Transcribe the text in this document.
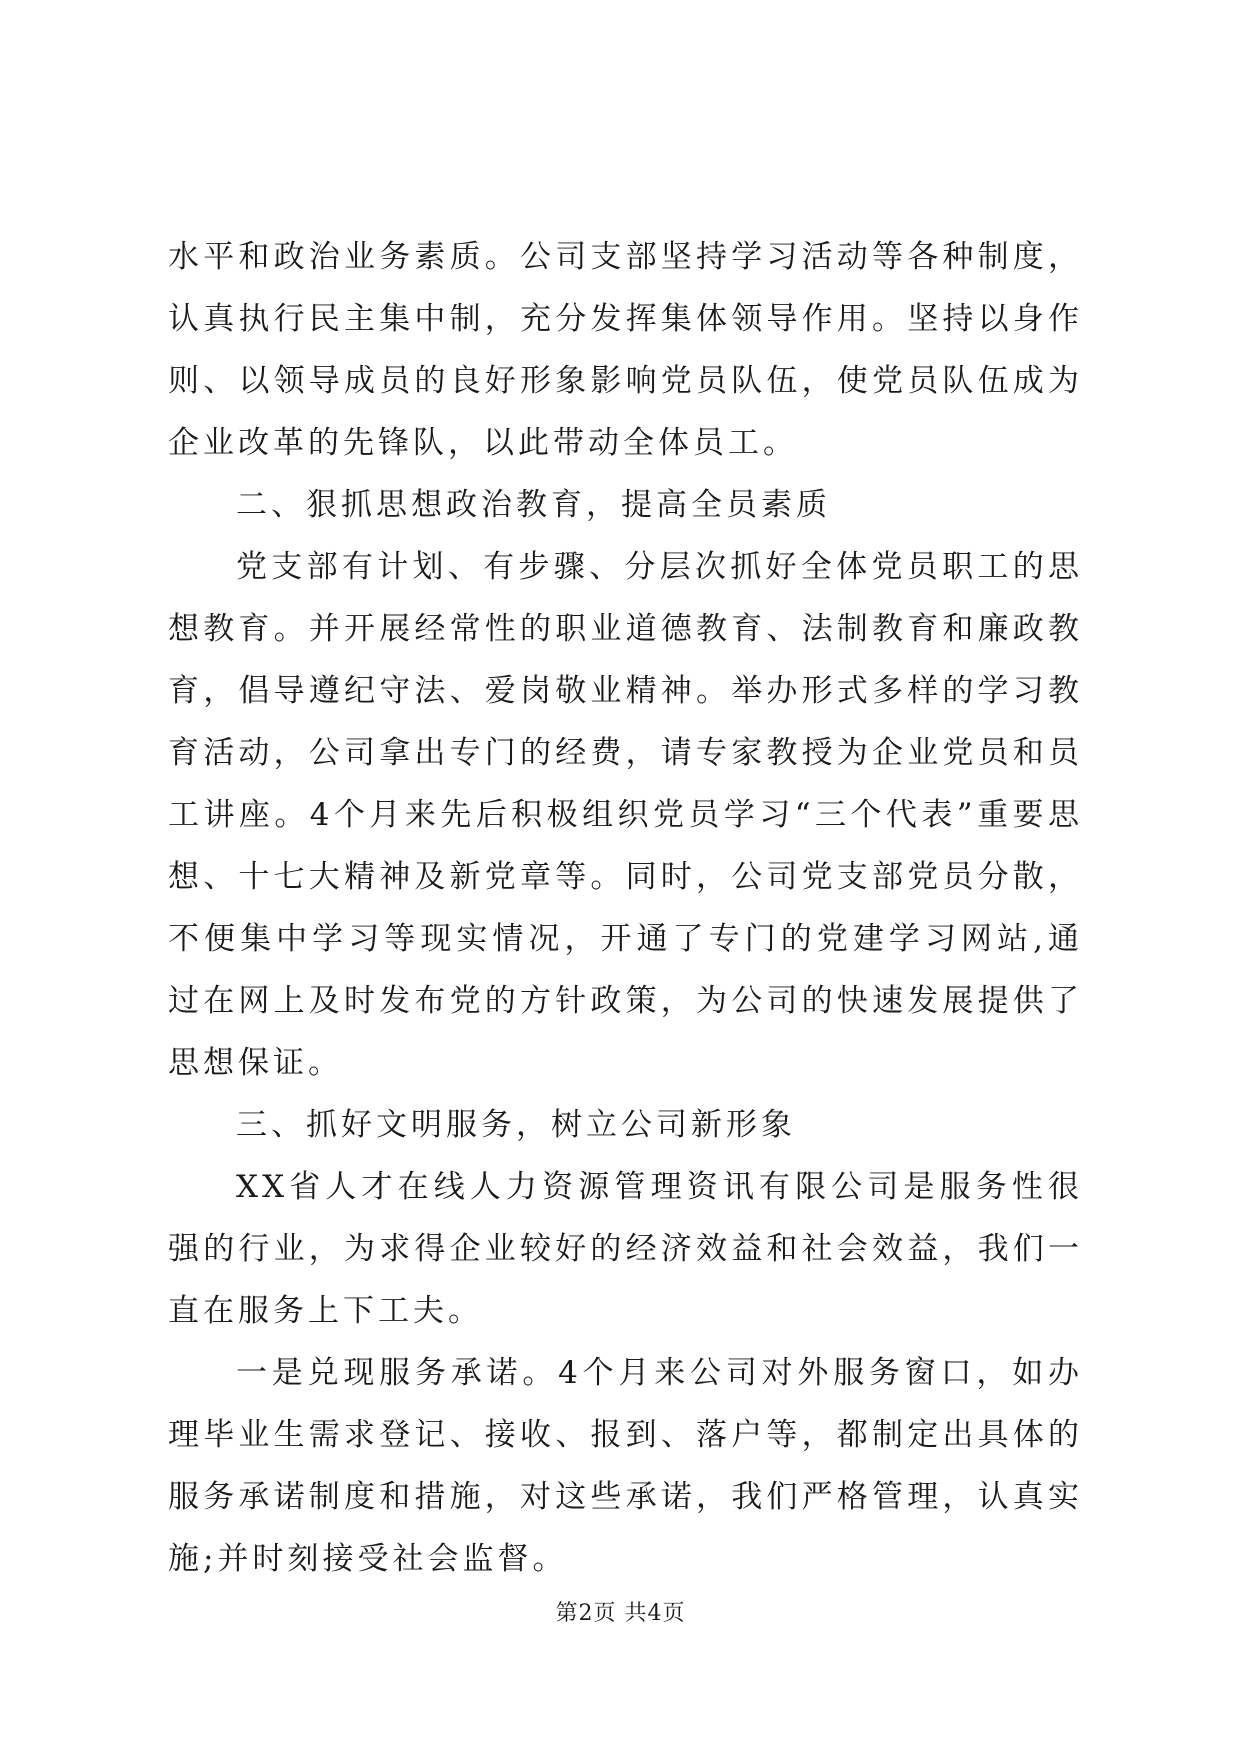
水平和政治业务素质。公司支部坚持学习活动等各种制度，认真执行民主集中制，充分发挥集体领导作用。坚持以身作则、以领导成员的良好形象影响党员队伍，使党员队伍成为企业改革的先锋队，以此带动全体员工。

二、狠抓思想政治教育，提高全员素质

党支部有计划、有步骤、分层次抓好全体党员职工的思想教育。并开展经常性的职业道德教育、法制教育和廉政教育，倡导遵纪守法、爱岗敬业精神。举办形式多样的学习教育活动，公司拿出专门的经费，请专家教授为企业党员和员工讲座。4个月来先后积极组织党员学习“三个代表”重要思想、十七大精神及新党章等。同时，公司党支部党员分散，不便集中学习等现实情况，开通了专门的党建学习网站,通过在网上及时发布党的方针政策，为公司的快速发展提供了思想保证。

三、抓好文明服务，树立公司新形象

XX省人才在线人力资源管理资讯有限公司是服务性很强的行业，为求得企业较好的经济效益和社会效益，我们一直在服务上下工夫。

一是兑现服务承诺。4个月来公司对外服务窗口，如办理毕业生需求登记、接收、报到、落户等，都制定出具体的服务承诺制度和措施，对这些承诺，我们严格管理，认真实施;并时刻接受社会监督。

第2页 共4页
